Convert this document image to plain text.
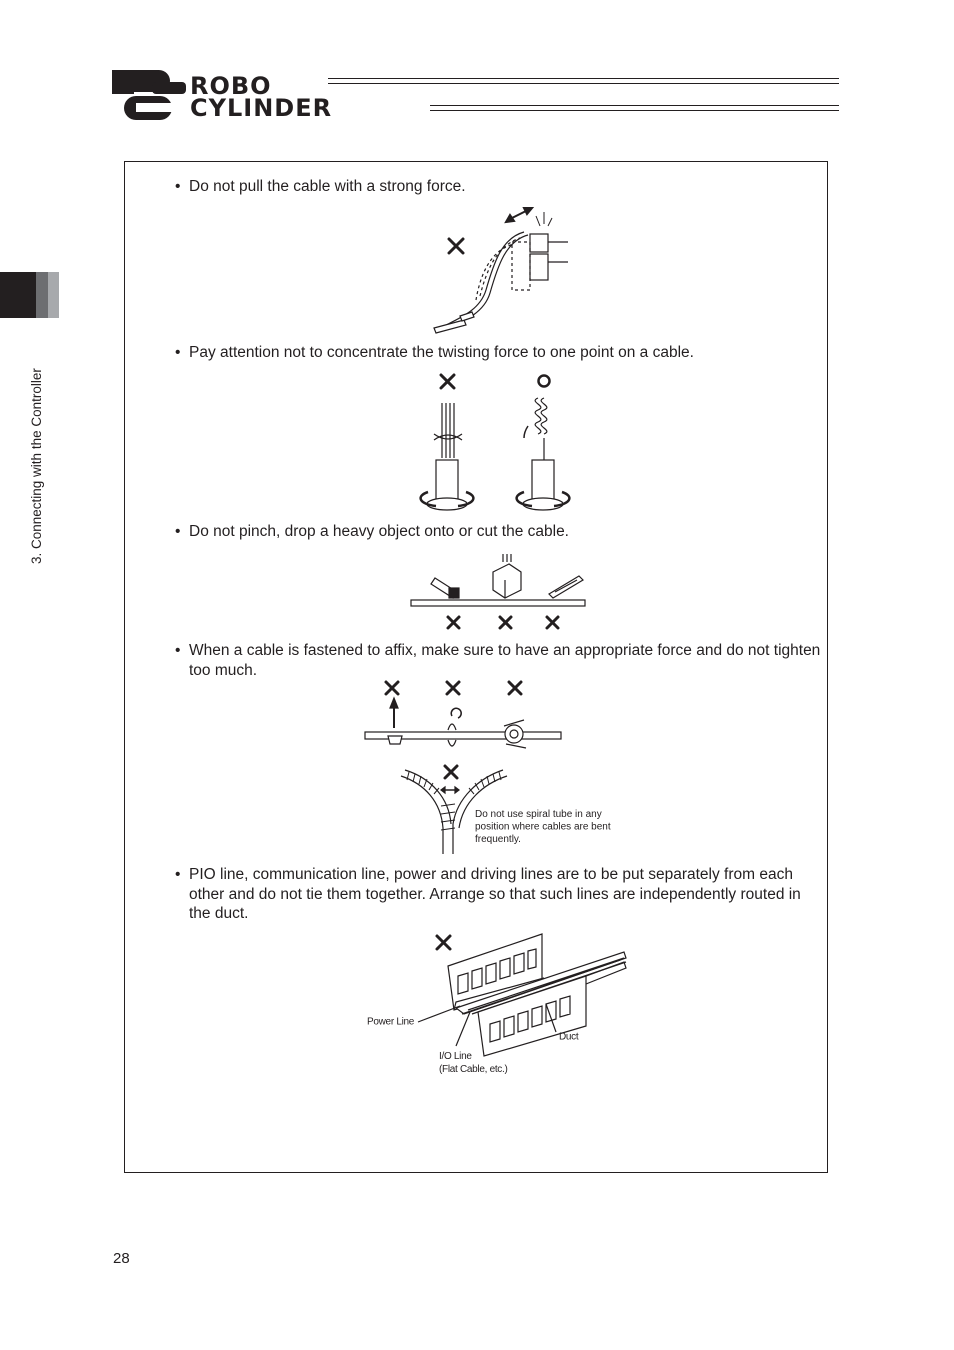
ROBO
CYLINDER
3. Connecting with the Controller
• Do not pull the cable with a strong force.
• Pay attention not to concentrate the twisting force to one point on a cable.
• Do not pinch, drop a heavy object onto or cut the cable.
• When a cable is fastened to affix, make sure to have an appropriate force and do not tighten too much.
• PIO line, communication line, power and driving lines are to be put separately from each other and do not tie them together. Arrange so that such lines are independently routed in the duct.
Do not use spiral tube in any
position where cables are bent
frequently.
Power Line
I/O Line
(Flat Cable, etc.)
Duct
28
